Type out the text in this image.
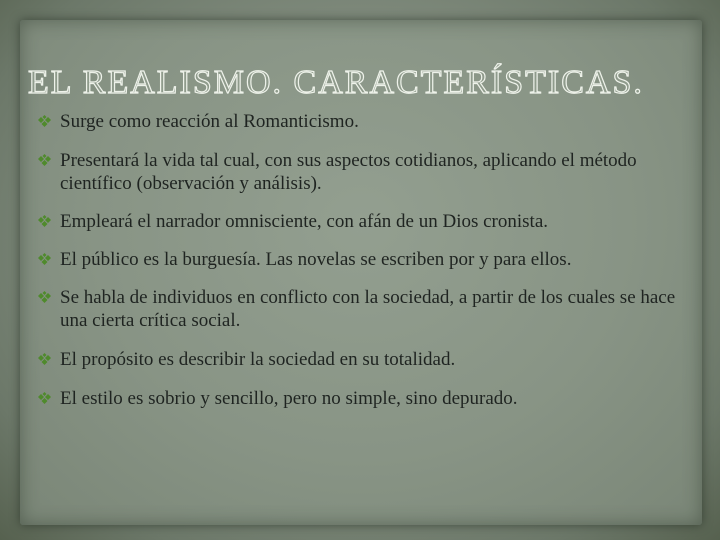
EL REALISMO. CARACTERÍSTICAS.
Surge como reacción al Romanticismo.
Presentará la vida tal cual, con sus aspectos cotidianos, aplicando el método científico (observación y análisis).
Empleará el narrador omnisciente, con afán de un Dios cronista.
El público es la burguesía. Las novelas se escriben por y para ellos.
Se habla de individuos en conflicto con la sociedad, a partir de los cuales se hace una cierta crítica social.
El propósito es describir la sociedad en su totalidad.
El estilo es sobrio y sencillo, pero no simple, sino depurado.
